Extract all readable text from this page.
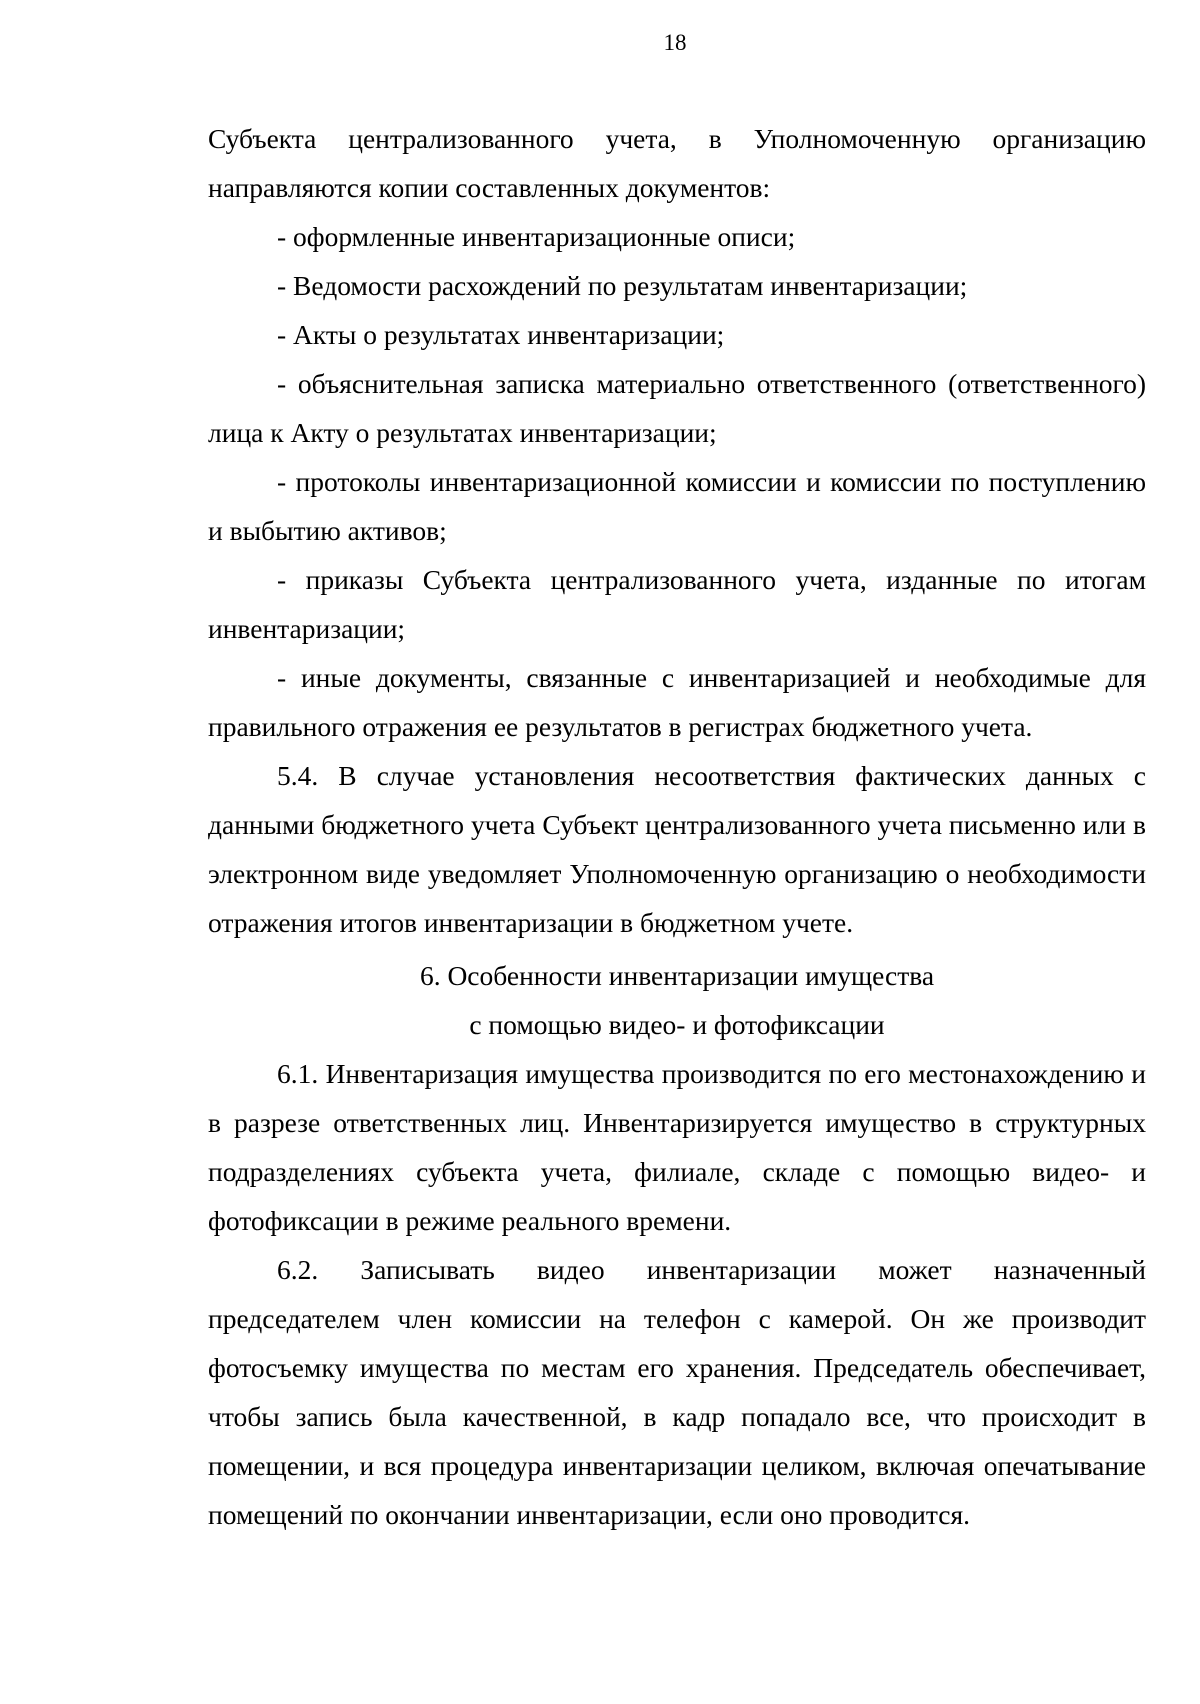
18

Субъекта централизованного учета, в Уполномоченную организацию направляются копии составленных документов:

- оформленные инвентаризационные описи;

- Ведомости расхождений по результатам инвентаризации;

- Акты о результатах инвентаризации;

- объяснительная записка материально ответственного (ответственного) лица к Акту о результатах инвентаризации;

- протоколы инвентаризационной комиссии и комиссии по поступлению и выбытию активов;

- приказы Субъекта централизованного учета, изданные по итогам инвентаризации;

- иные документы, связанные с инвентаризацией и необходимые для правильного отражения ее результатов в регистрах бюджетного учета.

5.4. В случае установления несоответствия фактических данных с данными бюджетного учета Субъект централизованного учета письменно или в электронном виде уведомляет Уполномоченную организацию о необходимости отражения итогов инвентаризации в бюджетном учете.

6. Особенности инвентаризации имущества

с помощью видео- и фотофиксации

6.1. Инвентаризация имущества производится по его местонахождению и в разрезе ответственных лиц. Инвентаризируется имущество в структурных подразделениях субъекта учета, филиале, складе с помощью видео- и фотофиксации в режиме реального времени.

6.2. Записывать видео инвентаризации может назначенный председателем член комиссии на телефон с камерой. Он же производит фотосъемку имущества по местам его хранения. Председатель обеспечивает, чтобы запись была качественной, в кадр попадало все, что происходит в помещении, и вся процедура инвентаризации целиком, включая опечатывание помещений по окончании инвентаризации, если оно проводится.
